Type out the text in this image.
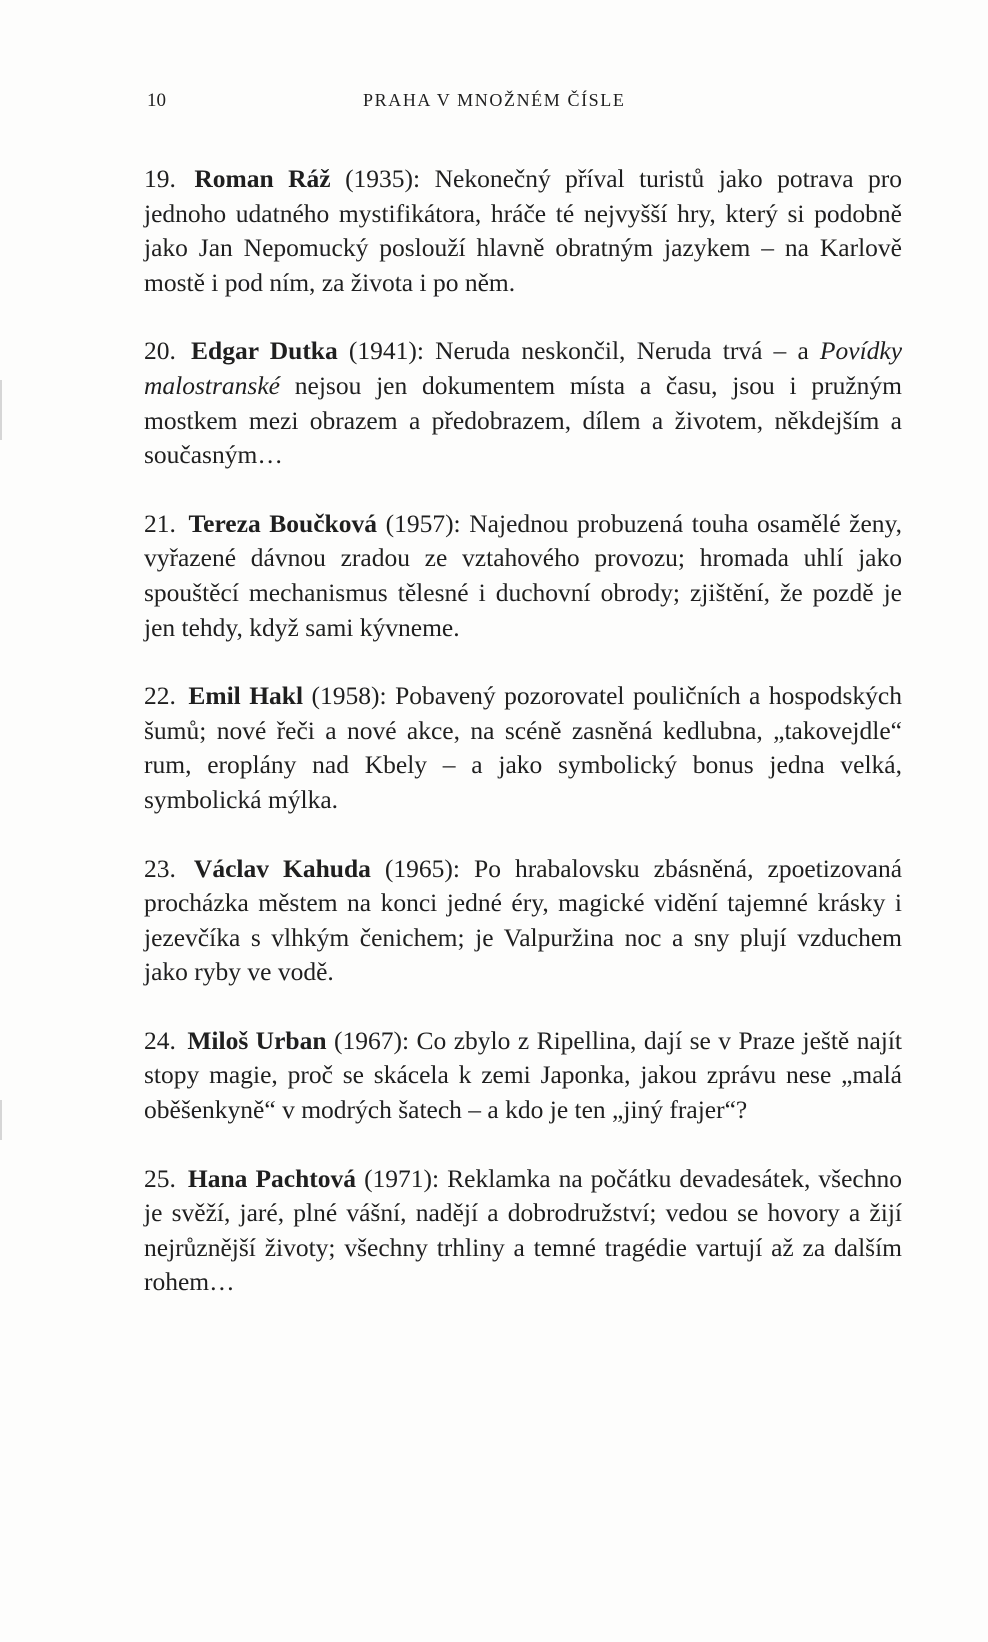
10	PRAHA V MNOŽNÉM ČÍSLE

19. Roman Ráž (1935): Nekonečný příval turistů jako potrava pro jednoho udatného mystifikátora, hráče té nejvyšší hry, který si podobně jako Jan Nepomucký poslouží hlavně obratným jazykem – na Karlově mostě i pod ním, za života i po něm.

20. Edgar Dutka (1941): Neruda neskončil, Neruda trvá – a Povídky malostranské nejsou jen dokumentem místa a času, jsou i pružným mostkem mezi obrazem a předobrazem, dílem a životem, někdejším a současným…

21. Tereza Boučková (1957): Najednou probuzená touha osamělé ženy, vyřazené dávnou zradou ze vztahového provozu; hromada uhlí jako spouštěcí mechanismus tělesné i duchovní obrody; zjištění, že pozdě je jen tehdy, když sami kývneme.

22. Emil Hakl (1958): Pobavený pozorovatel pouličních a hospodských šumů; nové řeči a nové akce, na scéně zasněná kedlubna, „takovejdle“ rum, eroplány nad Kbely – a jako symbolický bonus jedna velká, symbolická mýlka.

23. Václav Kahuda (1965): Po hrabalovsku zbásněná, zpoetizovaná procházka městem na konci jedné éry, magické vidění tajemné krásky i jezevčíka s vlhkým čenichem; je Valpuržina noc a sny plují vzduchem jako ryby ve vodě.

24. Miloš Urban (1967): Co zbylo z Ripellina, dají se v Praze ještě najít stopy magie, proč se skácela k zemi Japonka, jakou zprávu nese „malá oběšenkyně“ v modrých šatech – a kdo je ten „jiný frajer“?

25. Hana Pachtová (1971): Reklamka na počátku devadesátek, všechno je svěží, jaré, plné vášní, nadějí a dobrodružství; vedou se hovory a žijí nejrůznější životy; všechny trhliny a temné tragédie vartují až za dalším rohem…
